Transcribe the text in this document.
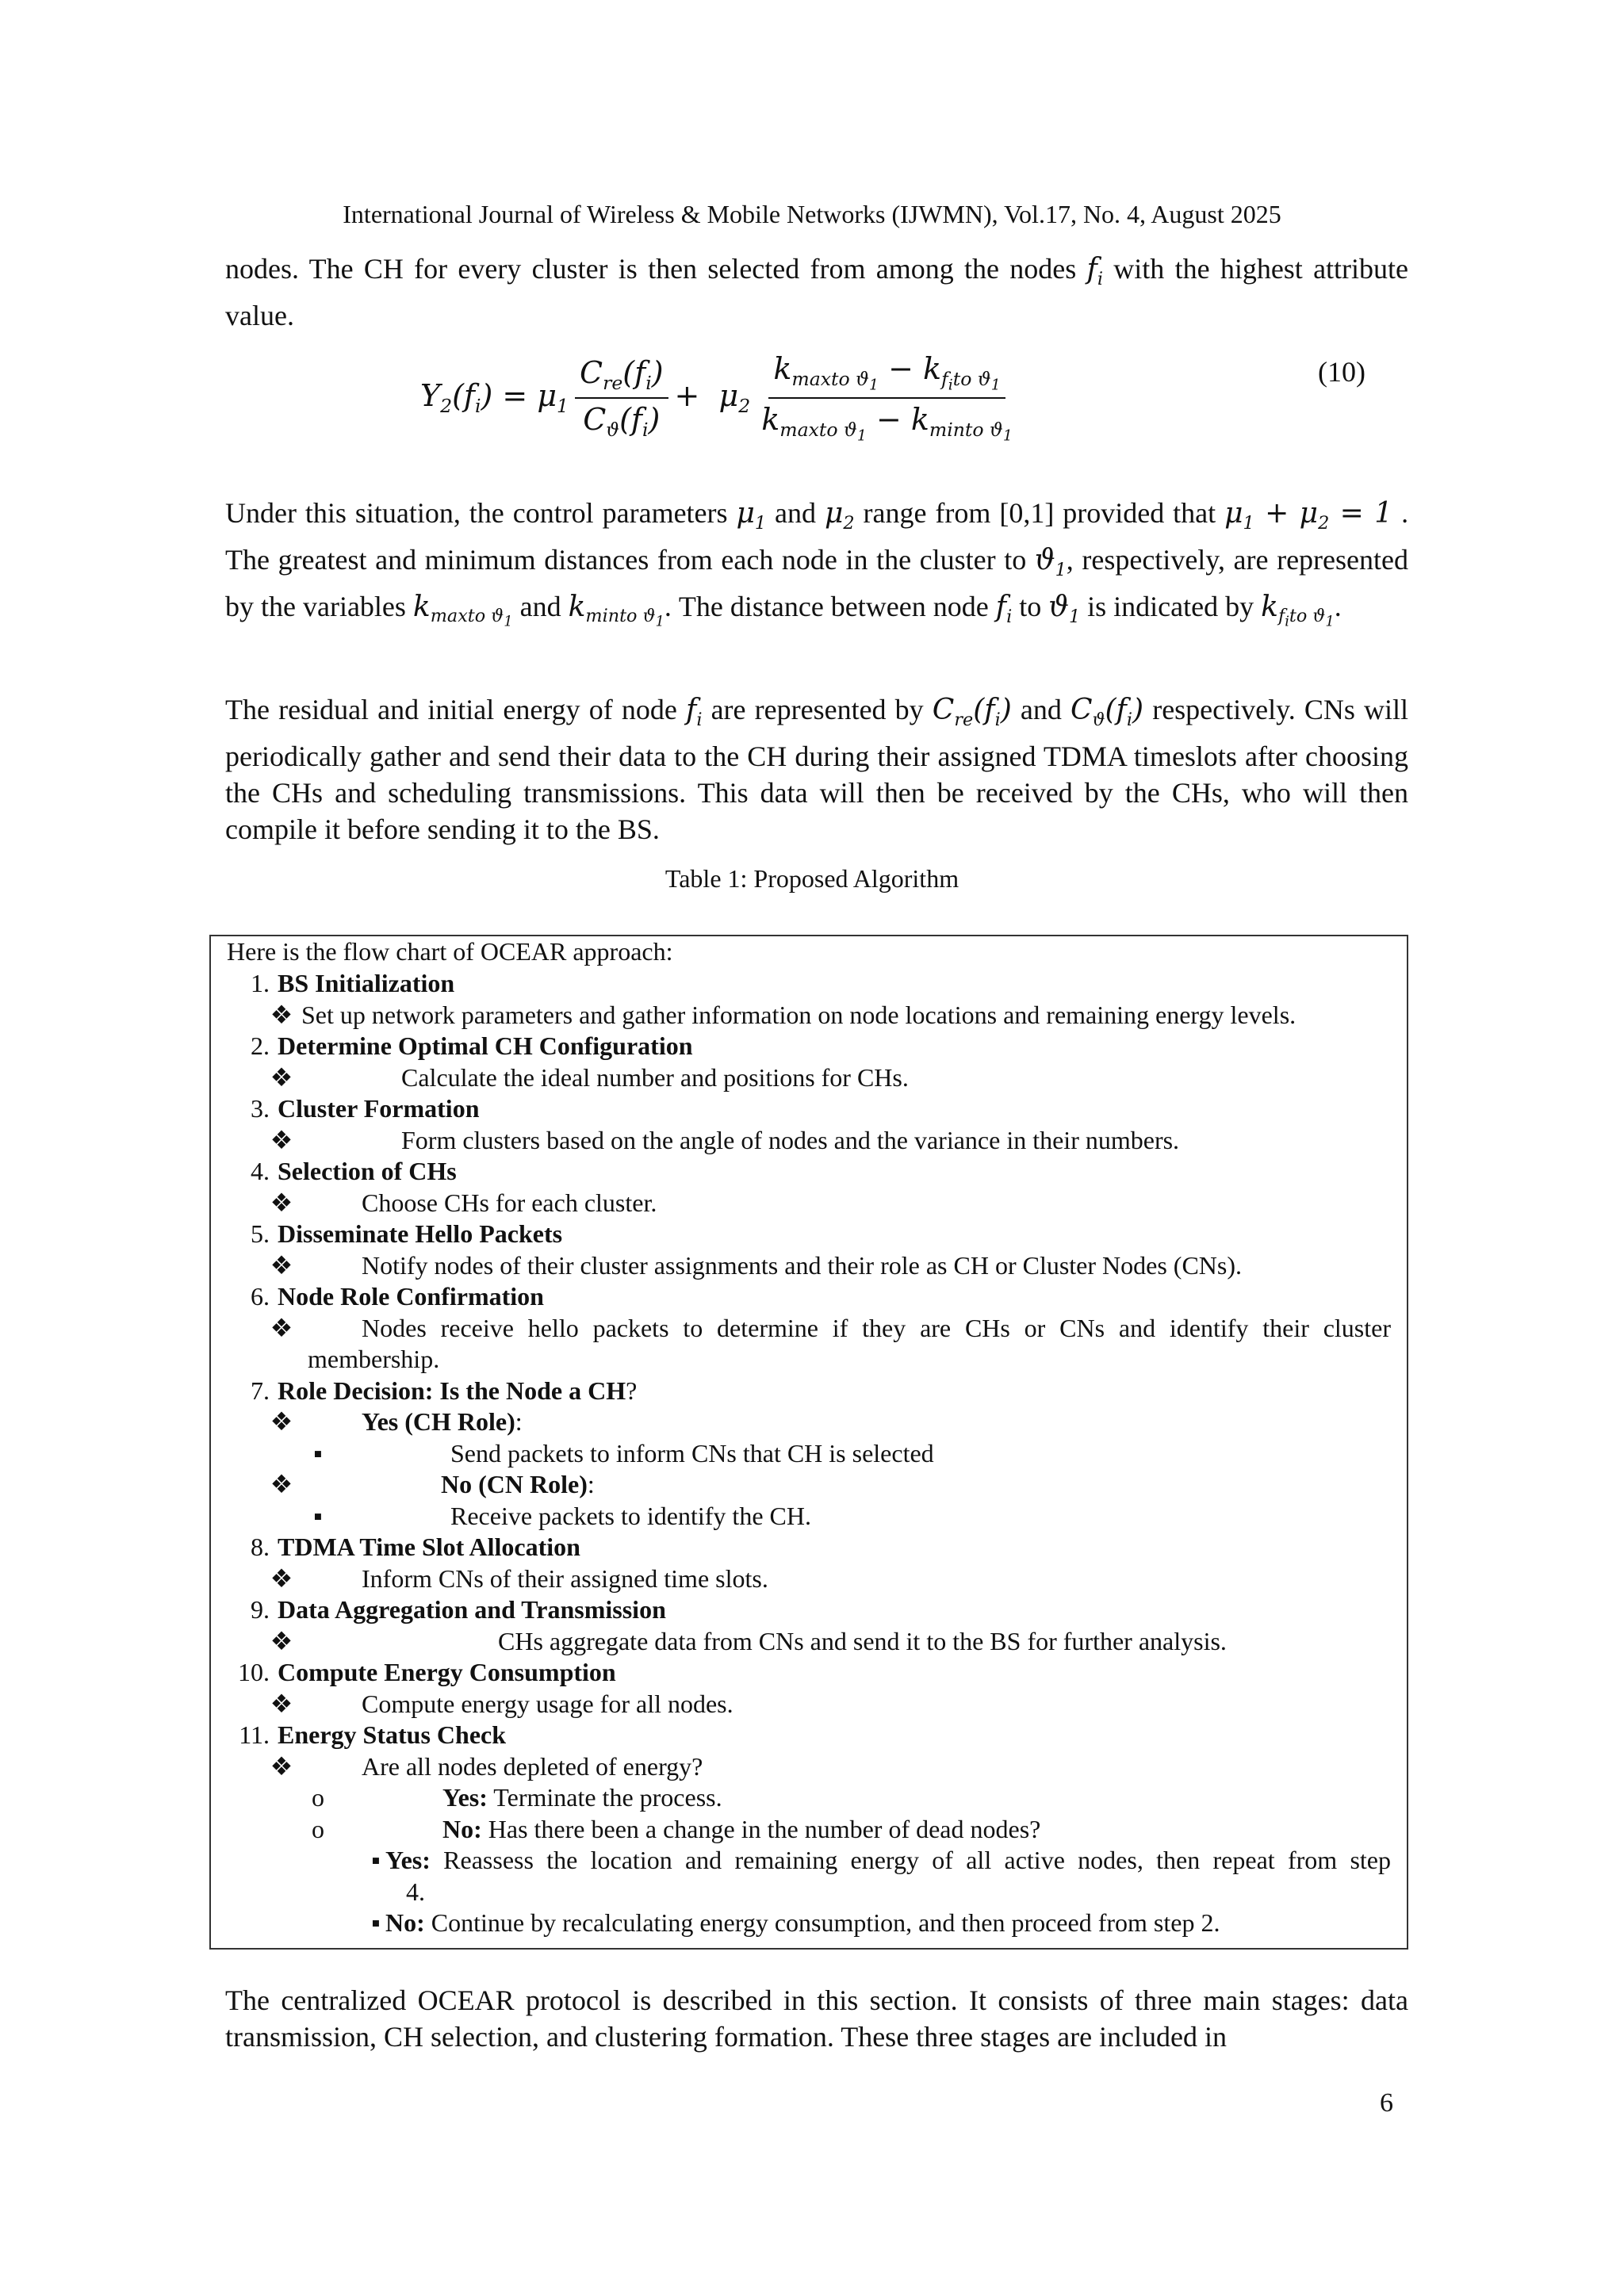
International Journal of Wireless & Mobile Networks (IJWMN), Vol.17, No. 4, August 2025

nodes. The CH for every cluster is then selected from among the nodes $f_i$ with the highest attribute value.

$Y_2(f_i) = \mu_1 \frac{C_{re}(f_i)}{C_ϑ(f_i)} + \mu_2 \frac{k_{maxto ϑ_1} - k_{f_ito ϑ_1}}{k_{maxto ϑ_1} - k_{minto ϑ_1}}$	(10)

Under this situation, the control parameters $\mu_1$ and $\mu_2$ range from [0,1] provided that $\mu_1 + \mu_2 = 1$ . The greatest and minimum distances from each node in the cluster to $ϑ_1$, respectively, are represented by the variables $k_{maxto ϑ_1}$ and $k_{minto ϑ_1}$. The distance between node $f_i$ to $ϑ_1$ is indicated by $k_{f_ito ϑ_1}$.

The residual and initial energy of node $f_i$ are represented by $C_{re}(f_i)$ and $C_ϑ(f_i)$ respectively. CNs will periodically gather and send their data to the CH during their assigned TDMA timeslots after choosing the CHs and scheduling transmissions. This data will then be received by the CHs, who will then compile it before sending it to the BS.

Table 1: Proposed Algorithm
Here is the flow chart of OCEAR approach:
1. BS Initialization
❖ Set up network parameters and gather information on node locations and remaining energy levels.
2. Determine Optimal CH Configuration
❖	Calculate the ideal number and positions for CHs.
3. Cluster Formation
❖	Form clusters based on the angle of nodes and the variance in their numbers.
4. Selection of CHs
❖	Choose CHs for each cluster.
5. Disseminate Hello Packets
❖	Notify nodes of their cluster assignments and their role as CH or Cluster Nodes (CNs).
6. Node Role Confirmation
❖	Nodes receive hello packets to determine if they are CHs or CNs and identify their cluster
membership.
7. Role Decision: Is the Node a CH ?
❖	Yes (CH Role):
▪	Send packets to inform CNs that CH is selected
❖	No (CN Role):
▪	Receive packets to identify the CH.
8. TDMA Time Slot Allocation
❖	Inform CNs of their assigned time slots.
9. Data Aggregation and Transmission
❖	CHs aggregate data from CNs and send it to the BS for further analysis.
10. Compute Energy Consumption
❖	Compute energy usage for all nodes.
11. Energy Status Check
❖	Are all nodes depleted of energy?
o	Yes: Terminate the process.
o	No: Has there been a change in the number of dead nodes?
▪ Yes: Reassess the location and remaining energy of all active nodes, then repeat from step
4.
▪ No: Continue by recalculating energy consumption, and then proceed from step 2.
The centralized OCEAR protocol is described in this section. It consists of three main stages: data transmission, CH selection, and clustering formation. These three stages are included in
6
